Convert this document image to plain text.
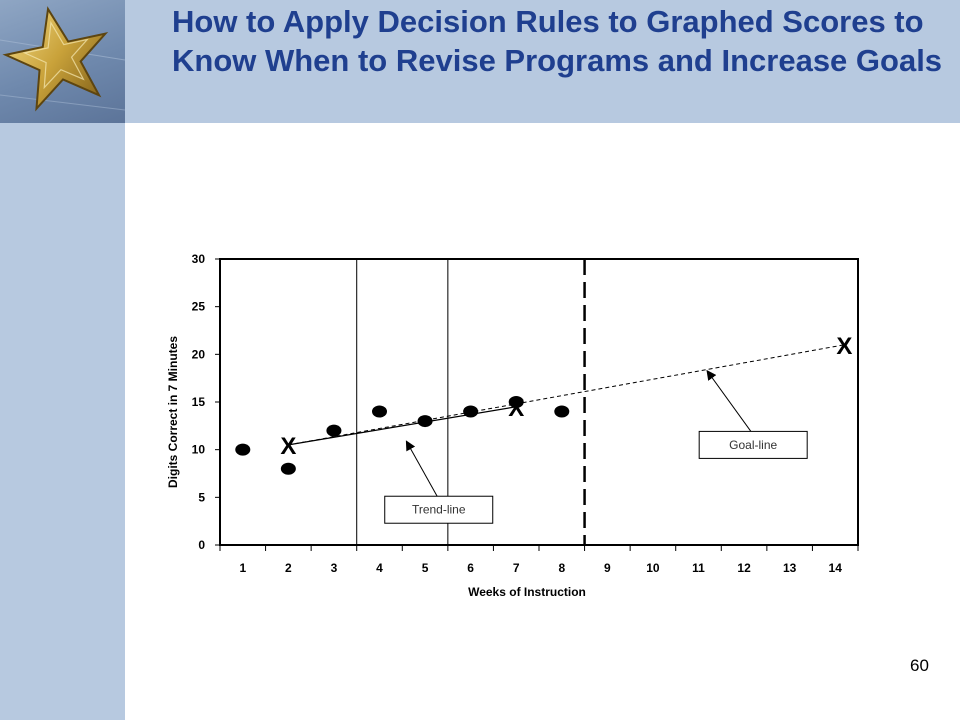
How to Apply Decision Rules to Graphed Scores to Know When to Revise Programs and Increase Goals
0
5
10
15
20
25
30
1	2	3	4	5	6	7	8	9	10	11	12	13	14
X
X
X
Trend-line
Goal-line
Weeks of Instruction
Digits Correct in 7 Minutes
60
